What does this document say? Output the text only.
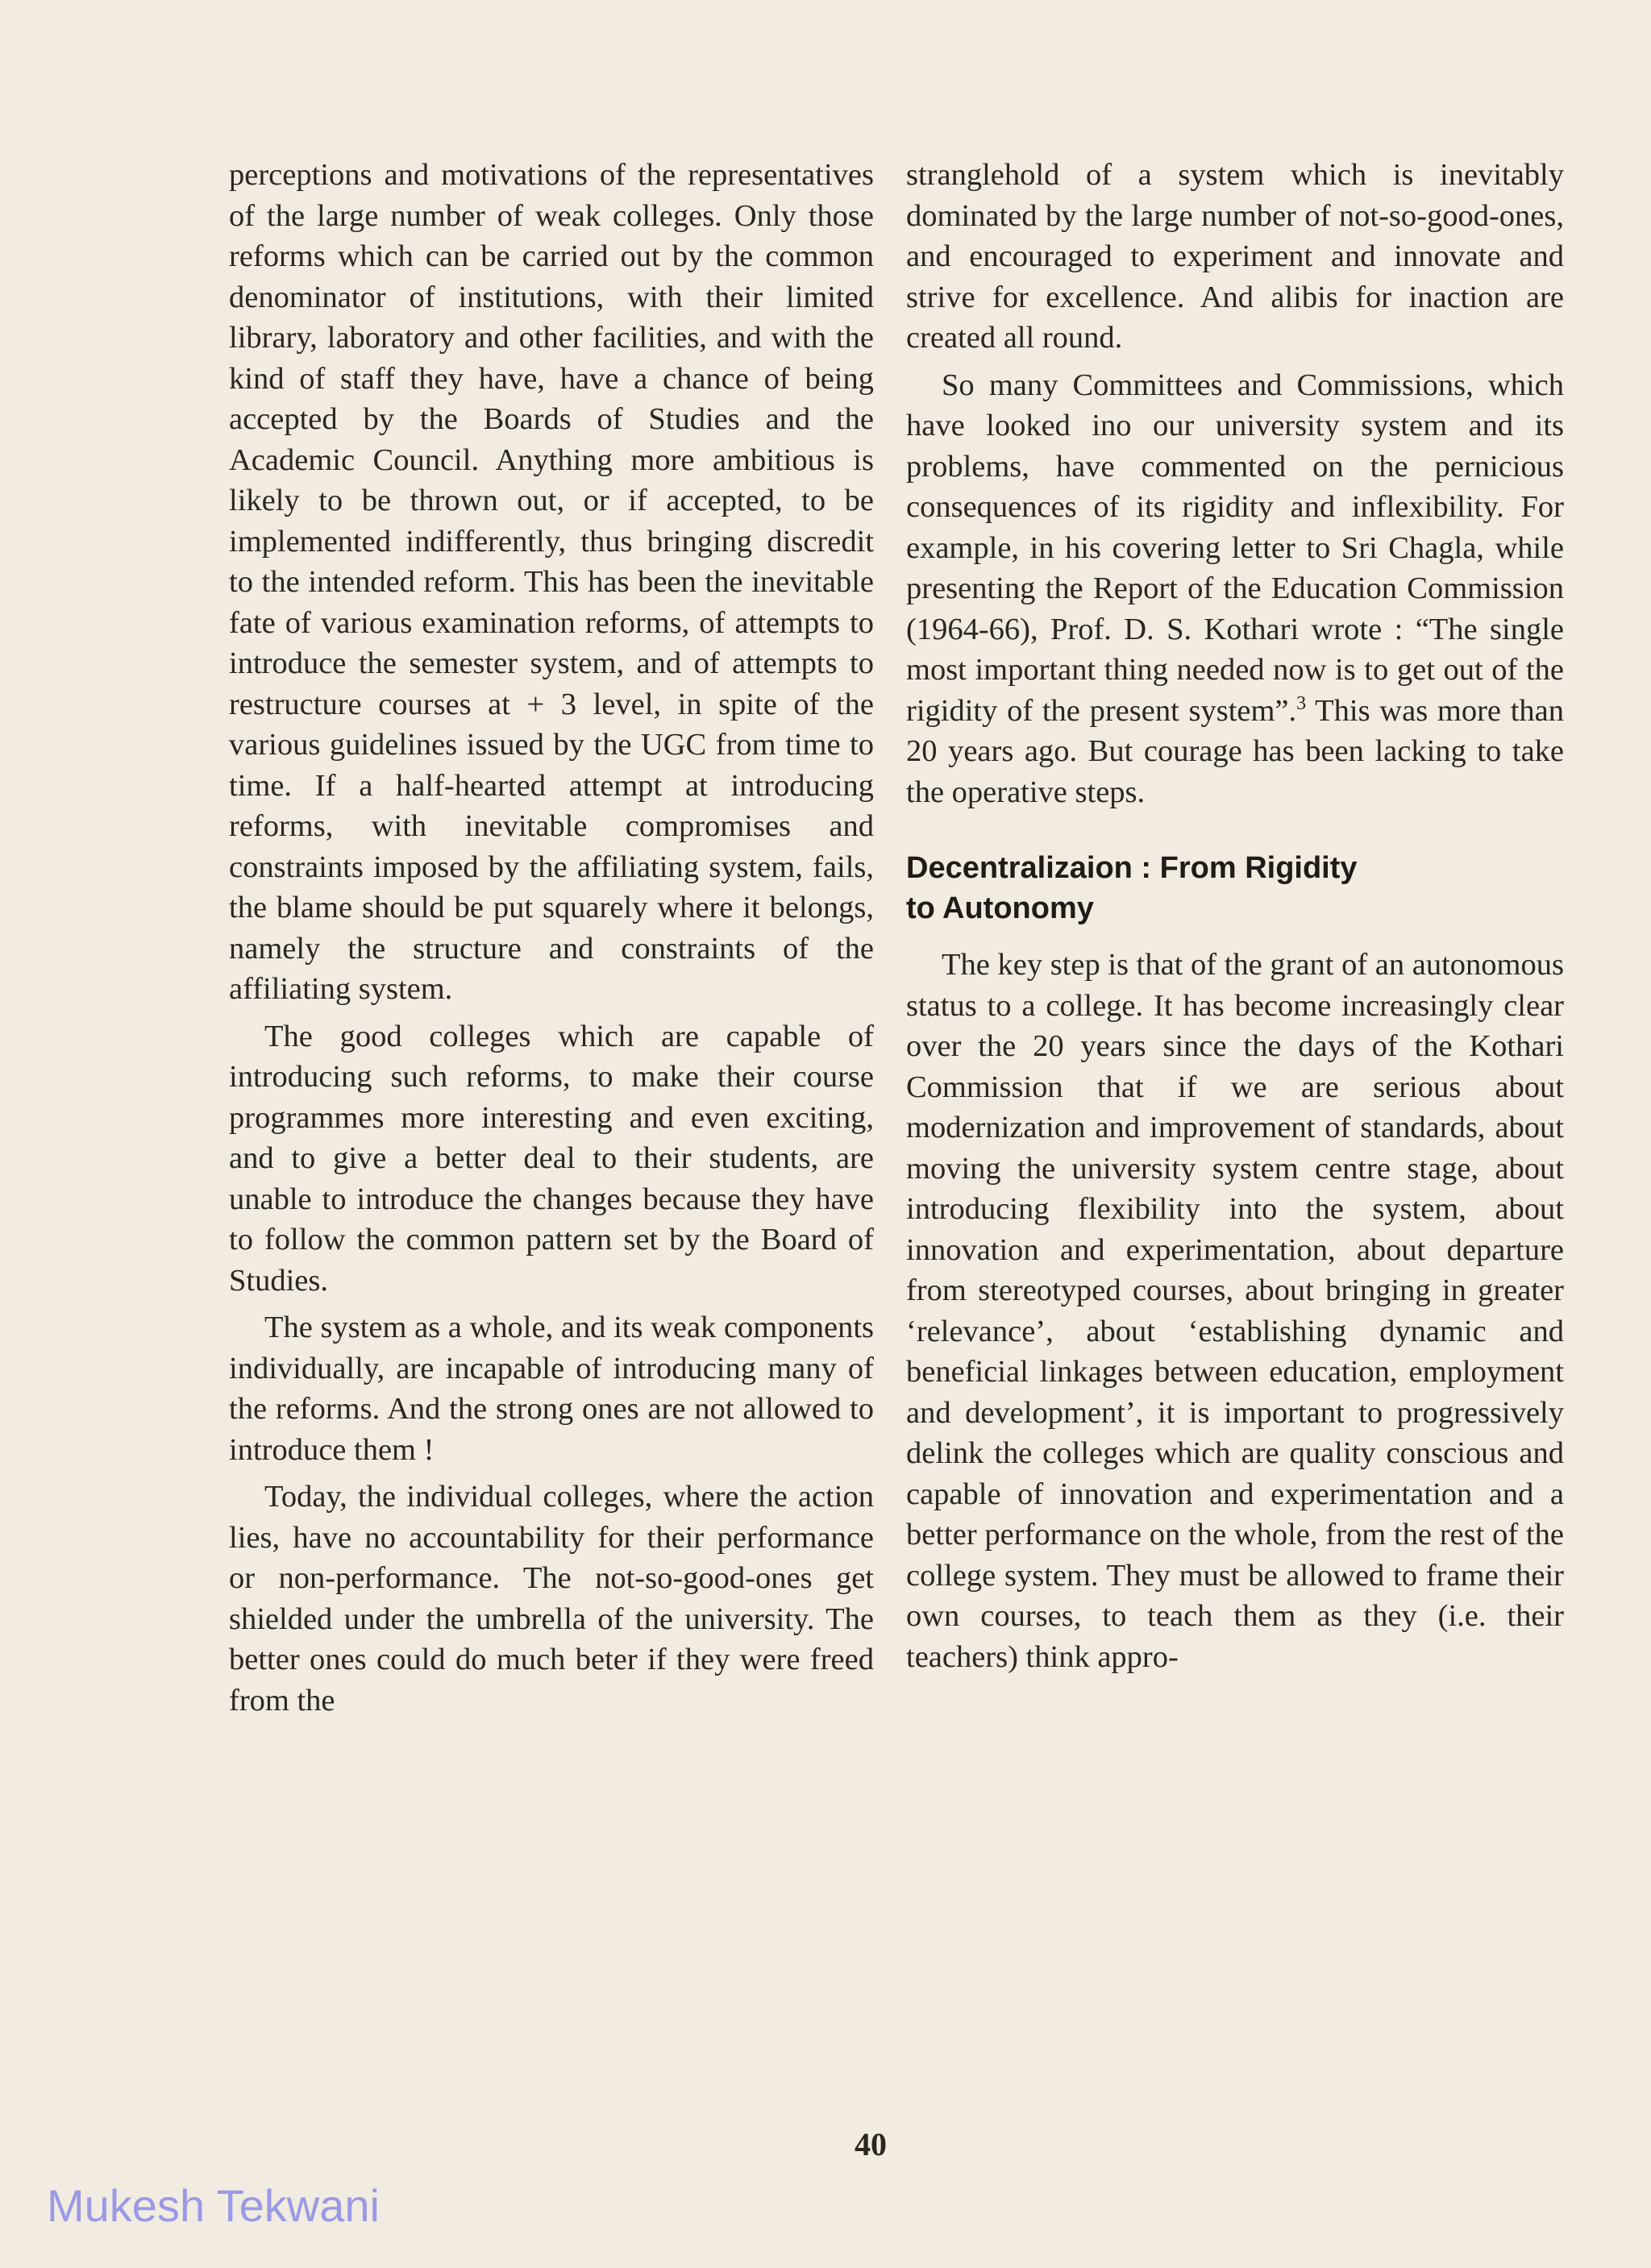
perceptions and motivations of the representatives of the large number of weak colleges. Only those reforms which can be carried out by the common denominator of institutions, with their limited library, laboratory and other facilities, and with the kind of staff they have, have a chance of being accepted by the Boards of Studies and the Academic Council. Anything more ambitious is likely to be thrown out, or if accepted, to be implemented indifferently, thus bringing discredit to the intended reform. This has been the inevitable fate of various examination reforms, of attempts to introduce the semester system, and of attempts to restructure courses at + 3 level, in spite of the various guidelines issued by the UGC from time to time. If a half-hearted attempt at introducing reforms, with inevitable compromises and constraints imposed by the affiliating system, fails, the blame should be put squarely where it belongs, namely the structure and constraints of the affiliating system.

The good colleges which are capable of introducing such reforms, to make their course programmes more interesting and even exciting, and to give a better deal to their students, are unable to introduce the changes because they have to follow the common pattern set by the Board of Studies.

The system as a whole, and its weak components individually, are incapable of introducing many of the reforms. And the strong ones are not allowed to introduce them !

Today, the individual colleges, where the action lies, have no accountability for their performance or non-performance. The not-so-good-ones get shielded under the umbrella of the university. The better ones could do much beter if they were freed from the

stranglehold of a system which is inevitably dominated by the large number of not-so-good-ones, and encouraged to experiment and innovate and strive for excellence. And alibis for inaction are created all round.

So many Committees and Commissions, which have looked ino our university system and its problems, have commented on the pernicious consequences of its rigidity and inflexibility. For example, in his covering letter to Sri Chagla, while presenting the Report of the Education Commission (1964-66), Prof. D. S. Kothari wrote : “The single most important thing needed now is to get out of the rigidity of the present system”.$^3$ This was more than 20 years ago. But courage has been lacking to take the operative steps.

Decentralizaion : From Rigidity
to Autonomy

The key step is that of the grant of an autonomous status to a college. It has become increasingly clear over the 20 years since the days of the Kothari Commission that if we are serious about modernization and improvement of standards, about moving the university system centre stage, about introducing flexibility into the system, about innovation and experimentation, about departure from stereotyped courses, about bringing in greater ‘relevance’, about ‘establishing dynamic and beneficial linkages between education, employment and development’, it is important to progressively delink the colleges which are quality conscious and capable of innovation and experimentation and a better performance on the whole, from the rest of the college system. They must be allowed to frame their own courses, to teach them as they (i.e. their teachers) think appro-

40
Mukesh Tekwani
